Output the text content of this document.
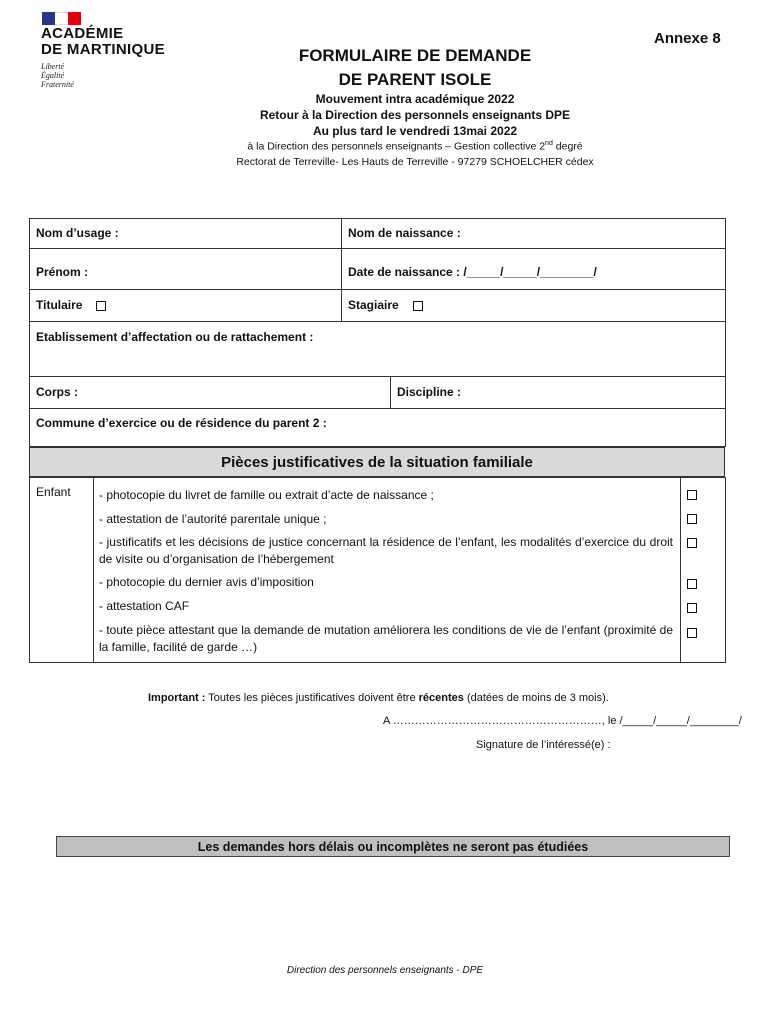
ACADÉMIE
DE MARTINIQUE
Liberté
Égalité
Fraternité
Annexe 8
FORMULAIRE DE DEMANDE
DE PARENT ISOLE
Mouvement intra académique 2022
Retour à la Direction des personnels enseignants DPE
Au plus tard le vendredi 13mai 2022
à la Direction des personnels enseignants – Gestion collective 2nd degré
Rectorat de Terreville- Les Hauts de Terreville - 97279 SCHOELCHER cédex
Nom d’usage :	Nom de naissance :
Prénom :	Date de naissance : /_____/_____/________/
Titulaire	Stagiaire
Etablissement d’affectation ou de rattachement :
Corps :	Discipline :
Commune d’exercice ou de résidence du parent 2 :
Pièces justificatives de la situation familiale
Enfant - photocopie du livret de famille ou extrait d’acte de naissance ;
- attestation de l’autorité parentale unique ;
- justificatifs et les décisions de justice concernant la résidence de l’enfant, les modalités d’exercice du droit de visite ou d’organisation de l’hébergement
- photocopie du dernier avis d’imposition
- attestation CAF
- toute pièce attestant que la demande de mutation améliorera les conditions de vie de l’enfant (proximité de la famille, facilité de garde …)
Important : Toutes les pièces justificatives doivent être récentes (datées de moins de 3 mois).
A …………………………………………………, le /_____/_____/________/
Signature de l’intéressé(e) :
Les demandes hors délais ou incomplètes ne seront pas étudiées
Direction des personnels enseignants - DPE
